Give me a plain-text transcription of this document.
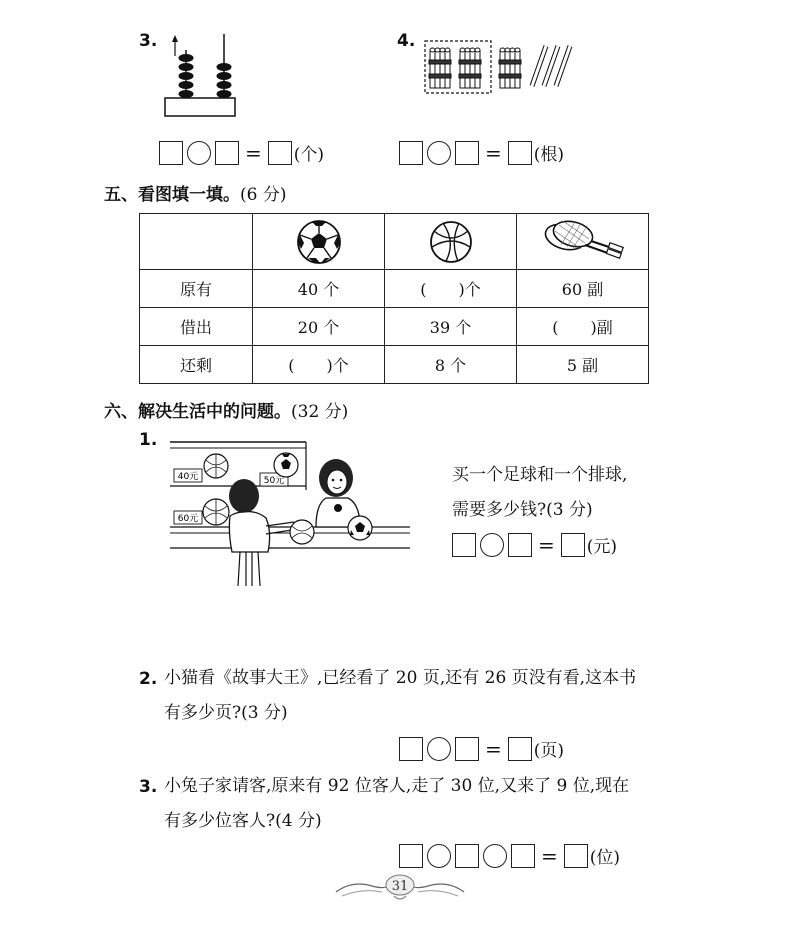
3.
= (个)
4.
= (根)
五、看图填一填。(6 分)

原有	40 个	(　　)个	60 副
借出	20 个	39 个	(　　)副
还剩	(　　)个	8 个	5 副
六、解决生活中的问题。(32 分)
1.
40元	50元
60元
买一个足球和一个排球,
需要多少钱?(3 分)
= (元)
2. 小猫看《故事大王》,已经看了 20 页,还有 26 页没有看,这本书
有多少页?(3 分)
= (页)
3. 小兔子家请客,原来有 92 位客人,走了 30 位,又来了 9 位,现在
有多少位客人?(4 分)
= (位)
31
